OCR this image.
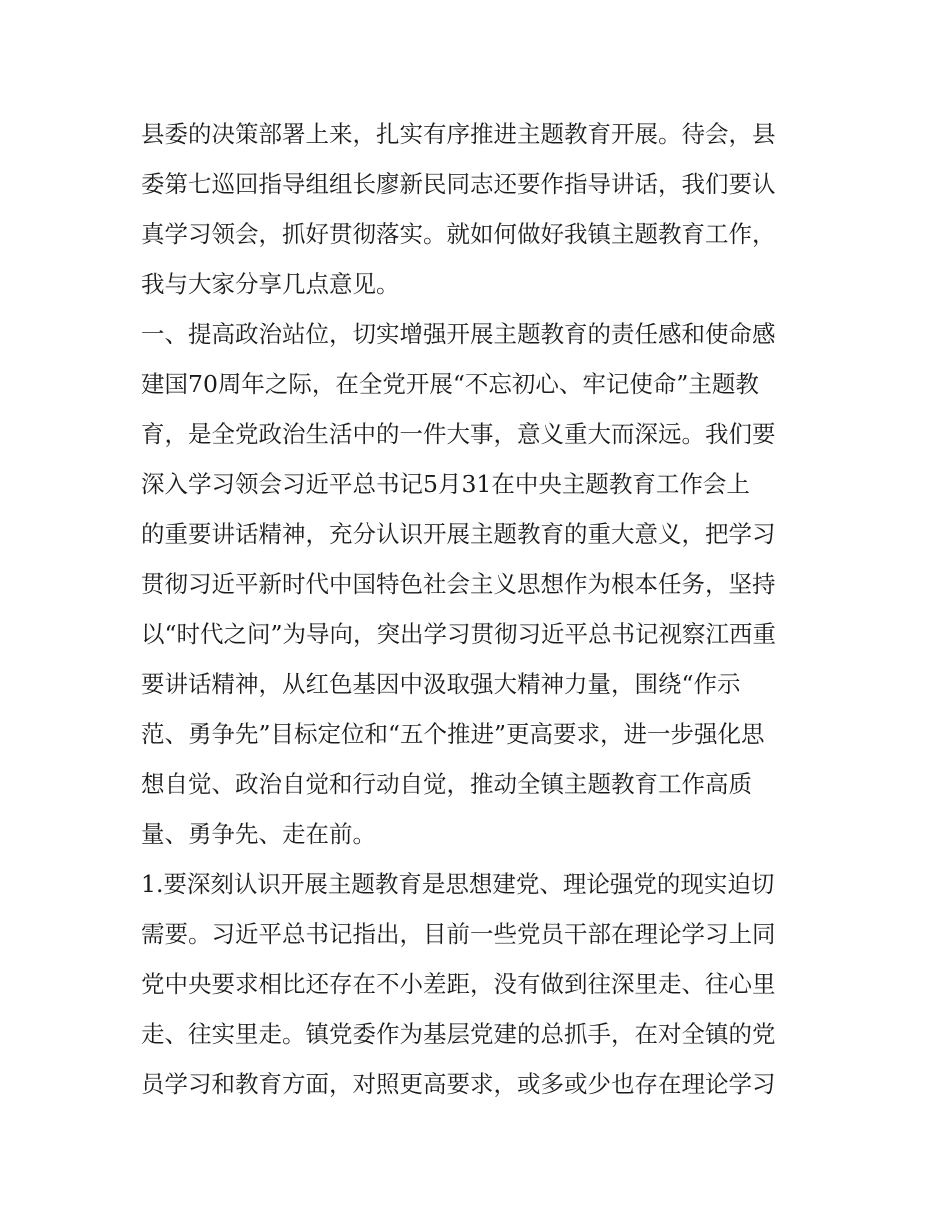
县委的决策部署上来，扎实有序推进主题教育开展。待会，县
委第七巡回指导组组长廖新民同志还要作指导讲话，我们要认
真学习领会，抓好贯彻落实。就如何做好我镇主题教育工作，
我与大家分享几点意见。
一、提高政治站位，切实增强开展主题教育的责任感和使命感
建国70周年之际，在全党开展“不忘初心、牢记使命”主题教
育，是全党政治生活中的一件大事，意义重大而深远。我们要
深入学习领会习近平总书记5月31在中央主题教育工作会上
的重要讲话精神，充分认识开展主题教育的重大意义，把学习
贯彻习近平新时代中国特色社会主义思想作为根本任务，坚持
以“时代之问”为导向，突出学习贯彻习近平总书记视察江西重
要讲话精神，从红色基因中汲取强大精神力量，围绕“作示
范、勇争先”目标定位和“五个推进”更高要求，进一步强化思
想自觉、政治自觉和行动自觉，推动全镇主题教育工作高质
量、勇争先、走在前。
1.要深刻认识开展主题教育是思想建党、理论强党的现实迫切
需要。习近平总书记指出，目前一些党员干部在理论学习上同
党中央要求相比还存在不小差距，没有做到往深里走、往心里
走、往实里走。镇党委作为基层党建的总抓手，在对全镇的党
员学习和教育方面，对照更高要求，或多或少也存在理论学习
